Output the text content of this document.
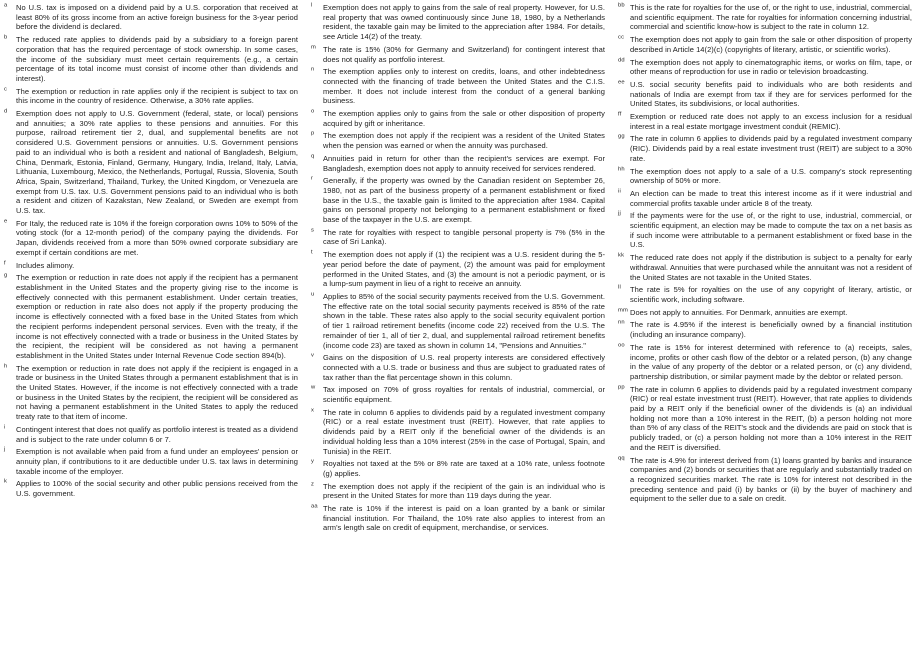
a	No U.S. tax is imposed on a dividend paid by a U.S. corporation that received at least 80% of its gross income from an active foreign business for the 3-year period before the dividend is declared.
b	The reduced rate applies to dividends paid by a subsidiary to a foreign parent corporation that has the required percentage of stock ownership. In some cases, the income of the subsidiary must meet certain requirements (e.g., a certain percentage of its total income must consist of income other than dividends and interest).
c	The exemption or reduction in rate applies only if the recipient is subject to tax on this income in the country of residence. Otherwise, a 30% rate applies.
d	Exemption does not apply to U.S. Government (federal, state, or local) pensions and annuities; a 30% rate applies to these pensions and annuities. For this purpose, railroad retirement tier 2, dual, and supplemental benefits are not considered U.S. Government pensions or annuities. U.S. Government pensions paid to an individual who is both a resident and national of Bangladesh, Belgium, China, Denmark, Estonia, Finland, Germany, Hungary, India, Ireland, Italy, Latvia, Lithuania, Luxembourg, Mexico, the Netherlands, Portugal, Russia, Slovenia, South Africa, Spain, Switzerland, Thailand, Turkey, the United Kingdom, or Venezuela are exempt from U.S. tax. U.S. Government pensions paid to an individual who is both a resident and citizen of Kazakstan, New Zealand, or Sweden are exempt from U.S. tax.
e	For Italy, the reduced rate is 10% if the foreign corporation owns 10% to 50% of the voting stock (for a 12-month period) of the company paying the dividends. For Japan, dividends received from a more than 50% owned corporate subsidiary are exempt if certain conditions are met.
f	Includes alimony.
g	The exemption or reduction in rate does not apply if the recipient has a permanent establishment in the United States and the property giving rise to the income is effectively connected with this permanent establishment. Under certain treaties, exemption or reduction in rate also does not apply if the property producing the income is effectively connected with a fixed base in the United States from which the recipient performs independent personal services. Even with the treaty, if the income is not effectively connected with a trade or business in the United States by the recipient, the recipient will be considered as not having a permanent establishment in the United States under Internal Revenue Code section 894(b).
h	The exemption or reduction in rate does not apply if the recipient is engaged in a trade or business in the United States through a permanent establishment that is in the United States. However, if the income is not effectively connected with a trade or business in the United States by the recipient, the recipient will be considered as not having a permanent establishment in the United States to apply the reduced treaty rate to that item of income.
i	Contingent interest that does not qualify as portfolio interest is treated as a dividend and is subject to the rate under column 6 or 7.
j	Exemption is not available when paid from a fund under an employees' pension or annuity plan, if contributions to it are deductible under U.S. tax laws in determining taxable income of the employer.
k	Applies to 100% of the social security and other public pensions received from the U.S. government.
l	Exemption does not apply to gains from the sale of real property. However, for U.S. real property that was owned continuously since June 18, 1980, by a Netherlands resident, the taxable gain may be limited to the appreciation after 1984. For details, see Article 14(2) of the treaty.
m The rate is 15% (30% for Germany and Switzerland) for contingent interest that does not qualify as portfolio interest.
n	The exemption applies only to interest on credits, loans, and other indebtedness connected with the financing of trade between the United States and the C.I.S. member. It does not include interest from the conduct of a general banking business.
o	The exemption applies only to gains from the sale or other disposition of property acquired by gift or inheritance.
p	The exemption does not apply if the recipient was a resident of the United States when the pension was earned or when the annuity was purchased.
q	Annuities paid in return for other than the recipient's services are exempt. For Bangladesh, exemption does not apply to annuity received for services rendered.
r	Generally, if the property was owned by the Canadian resident on September 26, 1980, not as part of the business property of a permanent establishment or fixed base in the U.S., the taxable gain is limited to the appreciation after 1984. Capital gains on personal property not belonging to a permanent establishment or fixed base of the taxpayer in the U.S. are exempt.
s	The rate for royalties with respect to tangible personal property is 7% (5% in the case of Sri Lanka).
t	The exemption does not apply if (1) the recipient was a U.S. resident during the 5-year period before the date of payment, (2) the amount was paid for employment performed in the United States, and (3) the amount is not a periodic payment, or is a lump-sum payment in lieu of a right to receive an annuity.
u	Applies to 85% of the social security payments received from the U.S. Government. The effective rate on the total social security payments received is 85% of the rate shown in the table. These rates also apply to the social security equivalent portion of tier 1 railroad retirement benefits (income code 22) received from the U.S. The remainder of tier 1, all of tier 2, dual, and supplemental railroad retirement benefits (income code 23) are taxed as shown in column 14, "Pensions and Annuities."
v	Gains on the disposition of U.S. real property interests are considered effectively connected with a U.S. trade or business and thus are subject to graduated rates of tax rather than the flat percentage shown in this column.
w	Tax imposed on 70% of gross royalties for rentals of industrial, commercial, or scientific equipment.
x	The rate in column 6 applies to dividends paid by a regulated investment company (RIC) or a real estate investment trust (REIT). However, that rate applies to dividends paid by a REIT only if the beneficial owner of the dividends is an individual holding less than a 10% interest (25% in the case of Portugal, Spain, and Tunisia) in the REIT.
y	Royalties not taxed at the 5% or 8% rate are taxed at a 10% rate, unless footnote (g) applies.
z	The exemption does not apply if the recipient of the gain is an individual who is present in the United States for more than 119 days during the year.
aa The rate is 10% if the interest is paid on a loan granted by a bank or similar financial institution. For Thailand, the 10% rate also applies to interest from an arm's length sale on credit of equipment, merchandise, or services.
bb This is the rate for royalties for the use of, or the right to use, industrial, commercial, and scientific equipment. The rate for royalties for information concerning industrial, commercial and scientific know-how is subject to the rate in column 12.
cc The exemption does not apply to gain from the sale or other disposition of property described in Article 14(2)(c) (copyrights of literary, artistic, or scientific works).
dd The exemption does not apply to cinematographic items, or works on film, tape, or other means of reproduction for use in radio or television broadcasting.
ee U.S. social security benefits paid to individuals who are both residents and nationals of India are exempt from tax if they are for services performed for the United States, its subdivisions, or local authorities.
ff	Exemption or reduced rate does not apply to an excess inclusion for a residual interest in a real estate mortgage investment conduit (REMIC).
gg The rate in column 6 applies to dividends paid by a regulated investment company (RIC). Dividends paid by a real estate investment trust (REIT) are subject to a 30% rate.
hh The exemption does not apply to a sale of a U.S. company's stock representing ownership of 50% or more.
ii	An election can be made to treat this interest income as if it were industrial and commercial profits taxable under article 8 of the treaty.
jj	If the payments were for the use of, or the right to use, industrial, commercial, or scientific equipment, an election may be made to compute the tax on a net basis as if such income were attributable to a permanent establishment or fixed base in the U.S.
kk The reduced rate does not apply if the distribution is subject to a penalty for early withdrawal. Annuities that were purchased while the annuitant was not a resident of the United States are not taxable in the United States.
ll	The rate is 5% for royalties on the use of any copyright of literary, artistic, or scientific work, including software.
mm Does not apply to annuities. For Denmark, annuities are exempt.
nn The rate is 4.95% if the interest is beneficially owned by a financial institution (including an insurance company).
oo The rate is 15% for interest determined with reference to (a) receipts, sales, income, profits or other cash flow of the debtor or a related person, (b) any change in the value of any property of the debtor or a related person, or (c) any dividend, partnership distribution, or similar payment made by the debtor or related person.
pp The rate in column 6 applies to dividends paid by a regulated investment company (RIC) or real estate investment trust (REIT). However, that rate applies to dividends paid by a REIT only if the beneficial owner of the dividends is (a) an individual holding not more than a 10% interest in the REIT, (b) a person holding not more than 5% of any class of the REIT's stock and the dividends are paid on stock that is publicly traded, or (c) a person holding not more than a 10% interest in the REIT and the REIT is diversified.
qq The rate is 4.9% for interest derived from (1) loans granted by banks and insurance companies and (2) bonds or securities that are regularly and substantially traded on a recognized securities market. The rate is 10% for interest not described in the preceding sentence and paid (i) by banks or (ii) by the buyer of machinery and equipment to the seller due to a sale on credit.
